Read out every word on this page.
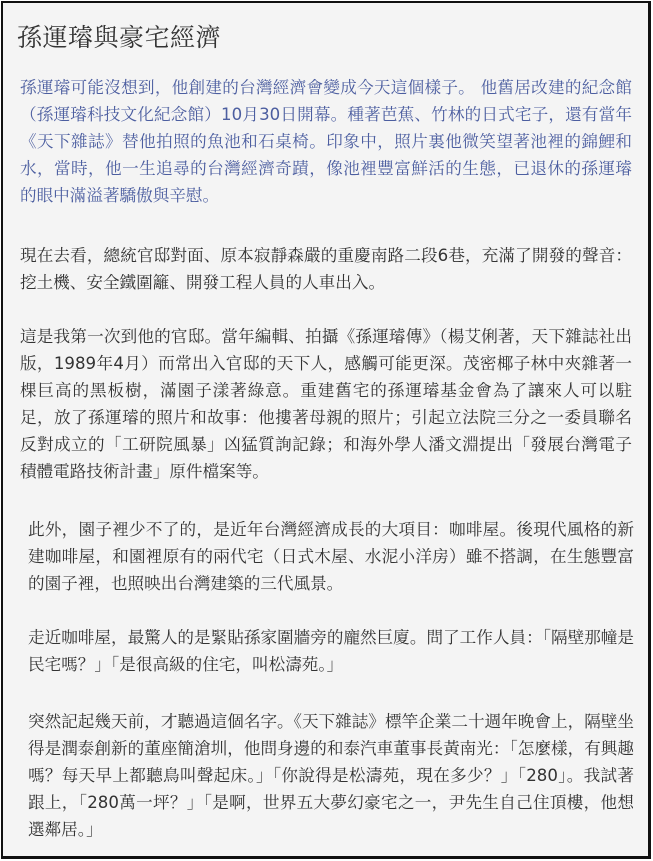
孫運璿與豪宅經濟

孫運璿可能沒想到，他創建的台灣經濟會變成今天這個樣子。 他舊居改建的紀念館（孫運璿科技文化紀念館）10月30日開幕。種著芭蕉、竹林的日式宅子，還有當年《天下雜誌》替他拍照的魚池和石桌椅。印象中，照片裏他微笑望著池裡的錦鯉和水，當時，他一生追尋的台灣經濟奇蹟，像池裡豐富鮮活的生態，已退休的孫運璿的眼中滿溢著驕傲與辛慰。

現在去看，總統官邸對面、原本寂靜森嚴的重慶南路二段6巷，充滿了開發的聲音：挖土機、安全鐵圍籬、開發工程人員的人車出入。

這是我第一次到他的官邸。當年編輯、拍攝《孫運璿傳》（楊艾俐著，天下雜誌社出版，1989年4月）而常出入官邸的天下人，感觸可能更深。茂密椰子林中夾雜著一棵巨高的黑板樹，滿園子漾著綠意。重建舊宅的孫運璿基金會為了讓來人可以駐足，放了孫運璿的照片和故事：他摟著母親的照片；引起立法院三分之一委員聯名反對成立的「工研院風暴」凶猛質詢記錄；和海外學人潘文淵提出「發展台灣電子積體電路技術計畫」原件檔案等。

此外，園子裡少不了的，是近年台灣經濟成長的大項目：咖啡屋。後現代風格的新建咖啡屋，和園裡原有的兩代宅（日式木屋、水泥小洋房）雖不搭調，在生態豐富的園子裡，也照映出台灣建築的三代風景。

走近咖啡屋，最驚人的是緊貼孫家圍牆旁的龐然巨廈。問了工作人員：「隔壁那幢是民宅嗎？」「是很高級的住宅，叫松濤苑。」

突然記起幾天前，才聽過這個名字。《天下雜誌》標竿企業二十週年晚會上，隔壁坐得是潤泰創新的董座簡滄圳，他問身邊的和泰汽車董事長黃南光：「怎麼樣，有興趣嗎？每天早上都聽鳥叫聲起床。」「你說得是松濤苑，現在多少？」「280」。我試著跟上，「280萬一坪？」「是啊，世界五大夢幻豪宅之一，尹先生自己住頂樓，他想選鄰居。」
